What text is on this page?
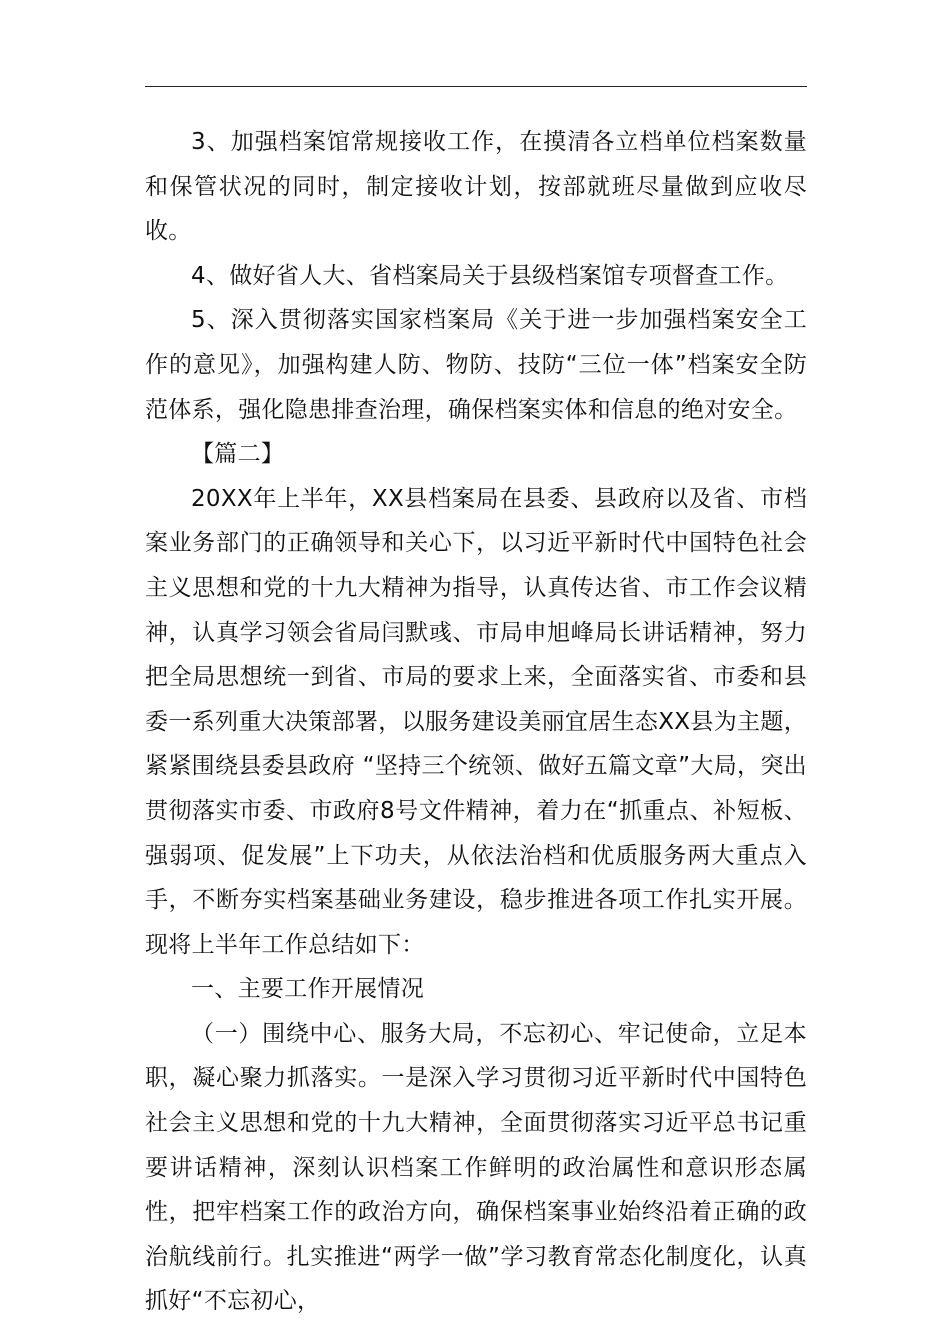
3、加强档案馆常规接收工作，在摸清各立档单位档案数量和保管状况的同时，制定接收计划，按部就班尽量做到应收尽收。

4、做好省人大、省档案局关于县级档案馆专项督查工作。

5、深入贯彻落实国家档案局《关于进一步加强档案安全工作的意见》，加强构建人防、物防、技防“三位一体”档案安全防范体系，强化隐患排查治理，确保档案实体和信息的绝对安全。

【篇二】

20XX年上半年，XX县档案局在县委、县政府以及省、市档案业务部门的正确领导和关心下，以习近平新时代中国特色社会主义思想和党的十九大精神为指导，认真传达省、市工作会议精神，认真学习领会省局闫默彧、市局申旭峰局长讲话精神，努力把全局思想统一到省、市局的要求上来，全面落实省、市委和县委一系列重大决策部署，以服务建设美丽宜居生态XX县为主题，紧紧围绕县委县政府 “坚持三个统领、做好五篇文章”大局，突出贯彻落实市委、市政府8号文件精神，着力在“抓重点、补短板、强弱项、促发展”上下功夫，从依法治档和优质服务两大重点入手，不断夯实档案基础业务建设，稳步推进各项工作扎实开展。现将上半年工作总结如下：

一、主要工作开展情况

（一）围绕中心、服务大局，不忘初心、牢记使命，立足本职，凝心聚力抓落实。一是深入学习贯彻习近平新时代中国特色社会主义思想和党的十九大精神，全面贯彻落实习近平总书记重要讲话精神，深刻认识档案工作鲜明的政治属性和意识形态属性，把牢档案工作的政治方向，确保档案事业始终沿着正确的政治航线前行。扎实推进“两学一做”学习教育常态化制度化，认真抓好“不忘初心，
